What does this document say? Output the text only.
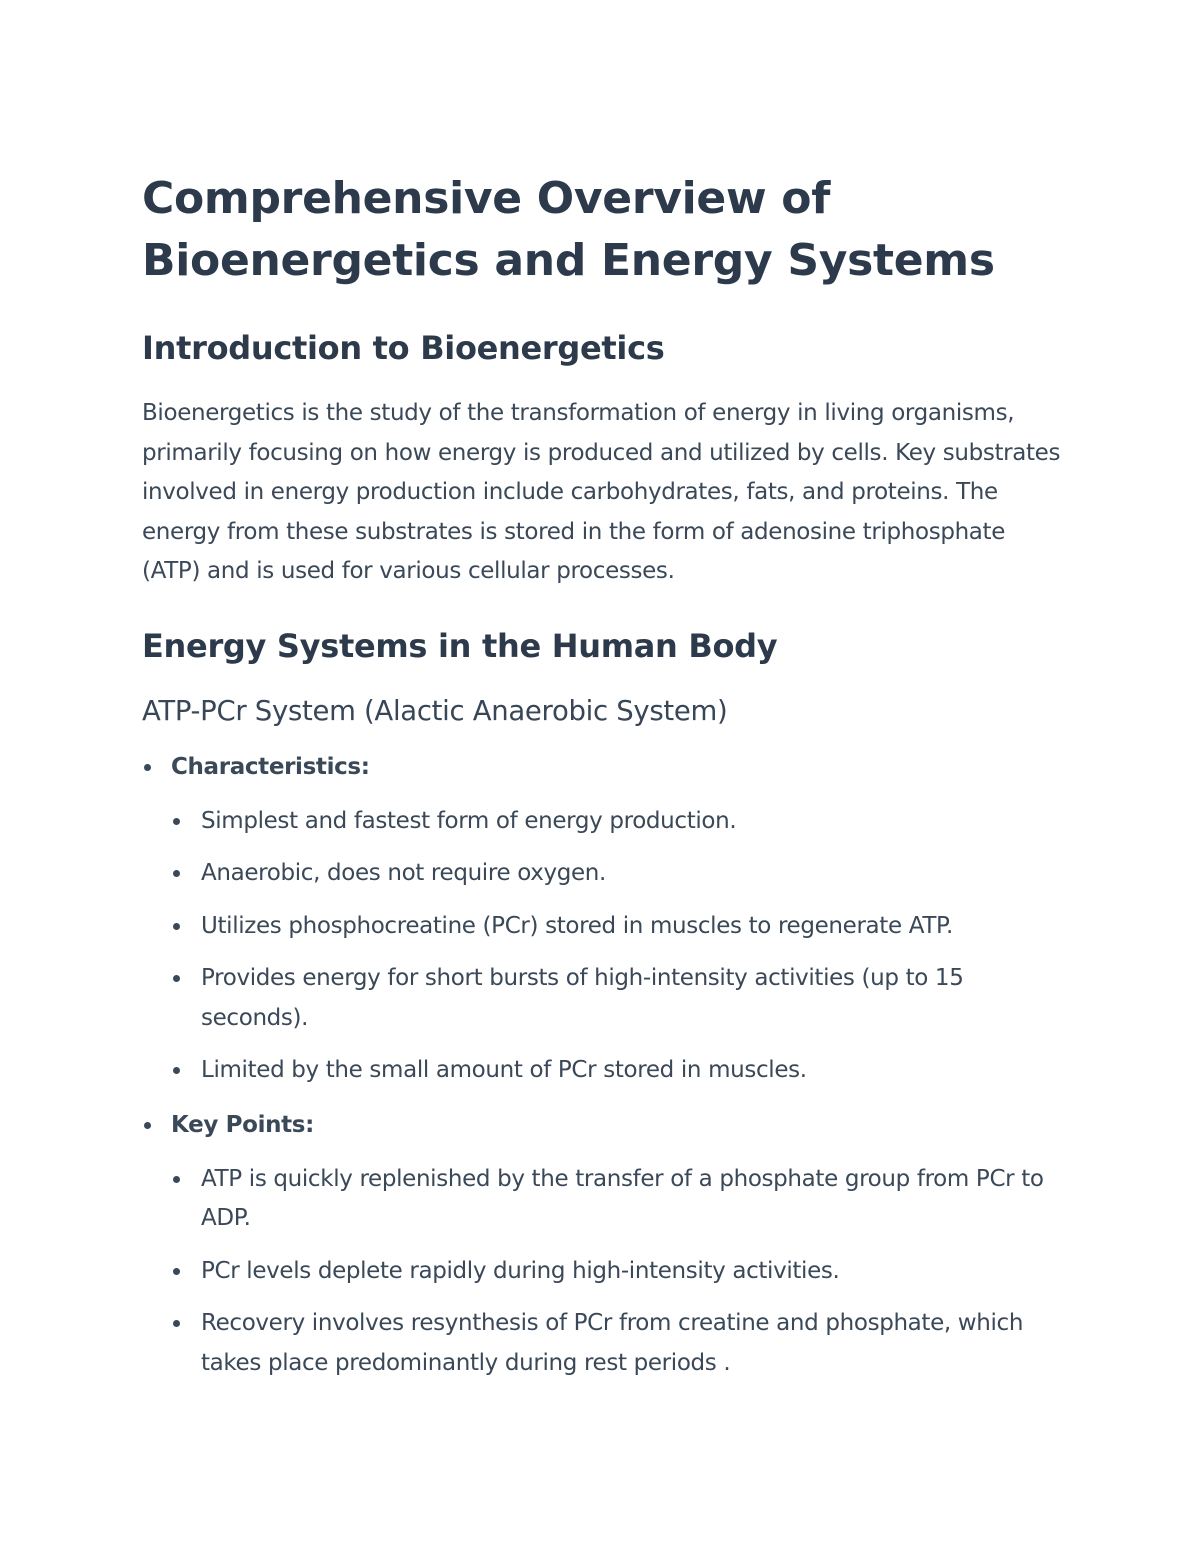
Comprehensive Overview of
Bioenergetics and Energy Systems
Introduction to Bioenergetics

Bioenergetics is the study of the transformation of energy in living organisms, primarily focusing on how energy is produced and utilized by cells. Key substrates involved in energy production include carbohydrates, fats, and proteins. The energy from these substrates is stored in the form of adenosine triphosphate (ATP) and is used for various cellular processes.

Energy Systems in the Human Body
ATP-PCr System (Alactic Anaerobic System)
Characteristics:
Simplest and fastest form of energy production.
Anaerobic, does not require oxygen.
Utilizes phosphocreatine (PCr) stored in muscles to regenerate ATP.
Provides energy for short bursts of high-intensity activities (up to 15 seconds).
Limited by the small amount of PCr stored in muscles.
Key Points:
ATP is quickly replenished by the transfer of a phosphate group from PCr to ADP.
PCr levels deplete rapidly during high-intensity activities.
Recovery involves resynthesis of PCr from creatine and phosphate, which takes place predominantly during rest periods .
